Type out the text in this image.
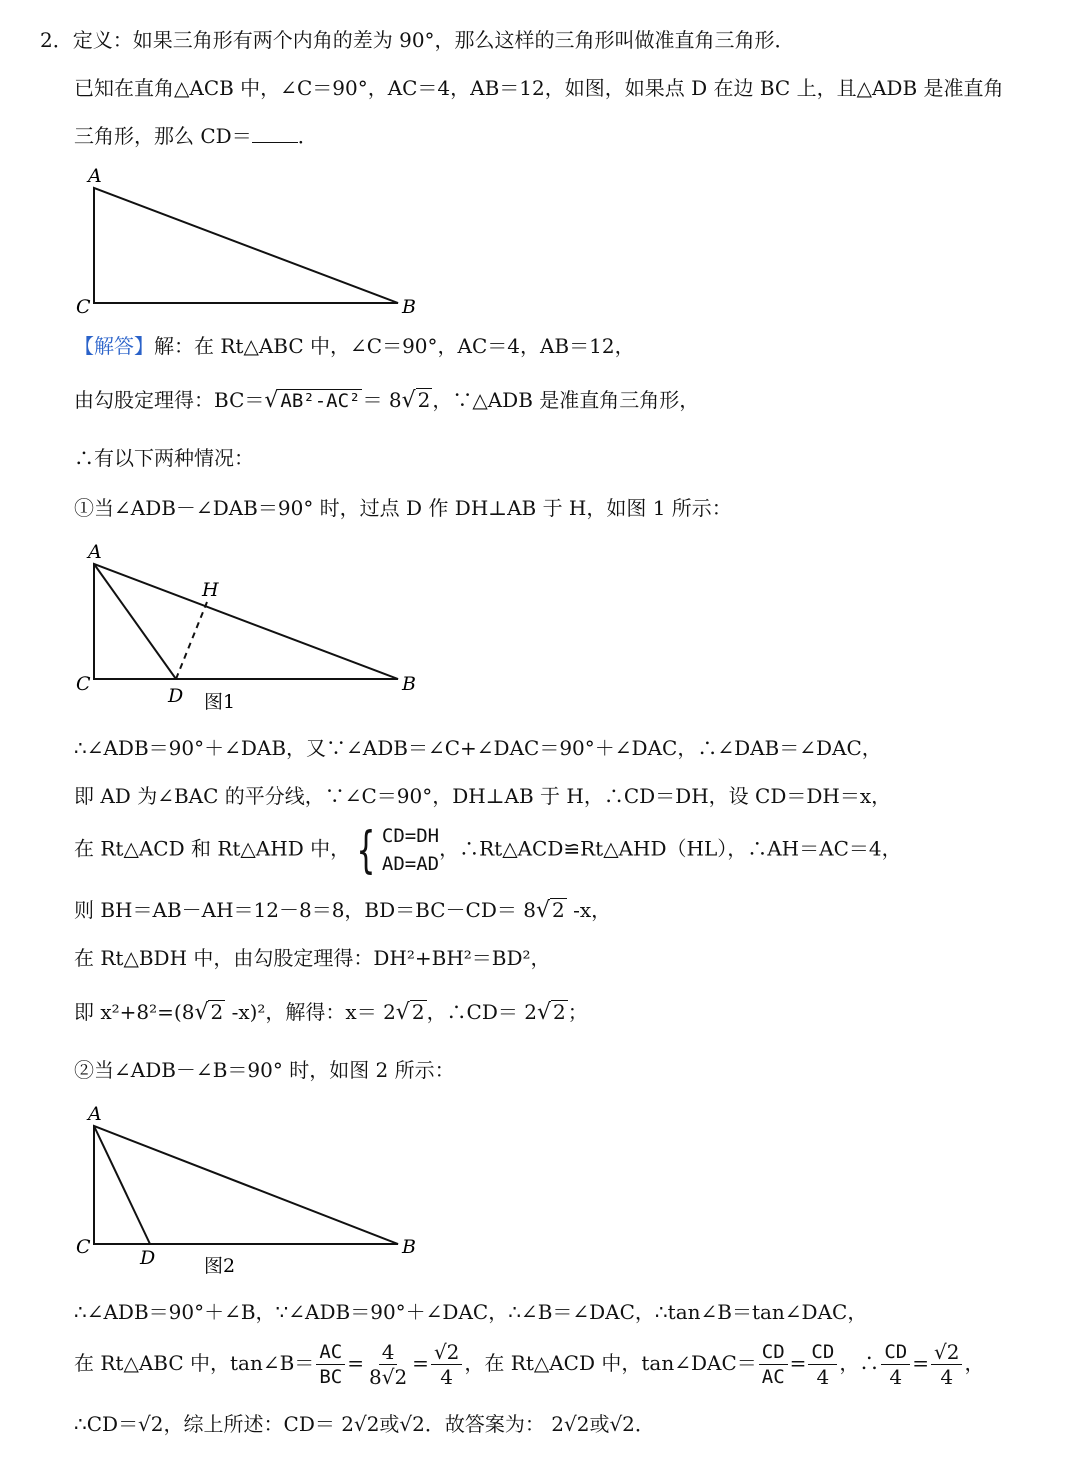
2．定义：如果三角形有两个内角的差为 90°，那么这样的三角形叫做准直角三角形．
已知在直角△ACB 中，∠C＝90°，AC＝4，AB＝12，如图，如果点 D 在边 BC 上，且△ADB 是准直角
三角形，那么 CD＝ ．
A
C	B
【解答】解：在 Rt△ABC 中，∠C＝90°，AC＝4，AB＝12，
由勾股定理得：BC＝√ AB²-AC² ＝ 8√ 2 ，∵△ADB 是准直角三角形，
∴有以下两种情况：
①当∠ADB－∠DAB＝90° 时，过点 D 作 DH⊥AB 于 H，如图 1 所示：
A
H
C
D 图1
B
∴∠ADB＝90°＋∠DAB，又∵∠ADB＝∠C+∠DAC＝90°＋∠DAC，∴∠DAB＝∠DAC，
即 AD 为∠BAC 的平分线，∵∠C＝90°，DH⊥AB 于 H，∴CD＝DH，设 CD＝DH＝x，
在 Rt△ACD 和 Rt△AHD 中， { CD=DH
AD=AD
，∴Rt△ACD≌Rt△AHD（HL），∴AH＝AC＝4，
则 BH＝AB－AH＝12－8＝8，BD＝BC－CD＝ 8√ 2 -x，
在 Rt△BDH 中，由勾股定理得：DH²+BH²＝BD²，
即 x²+8²=(8√ 2 -x)²，解得：x＝ 2√ 2 ，∴CD＝ 2√ 2 ；
②当∠ADB－∠B＝90° 时，如图 2 所示：
A
C	D	图2
B
∴∠ADB＝90°＋∠B，∵∠ADB＝90°＋∠DAC，∴∠B＝∠DAC，∴tan∠B＝tan∠DAC，
在 Rt△ABC 中，tan∠B＝ $\frac{AC}{BC} = \frac{4}{8√2} = \frac{√2}{4}$ ，在 Rt△ACD 中，tan∠DAC＝ $\frac{CD}{AC} = \frac{CD}{4}$ ，∴ $\frac{CD}{4} = \frac{√2}{4}$ ，
∴CD＝√2，综上所述：CD＝ 2√2或√2．故答案为： 2√2或√2．
